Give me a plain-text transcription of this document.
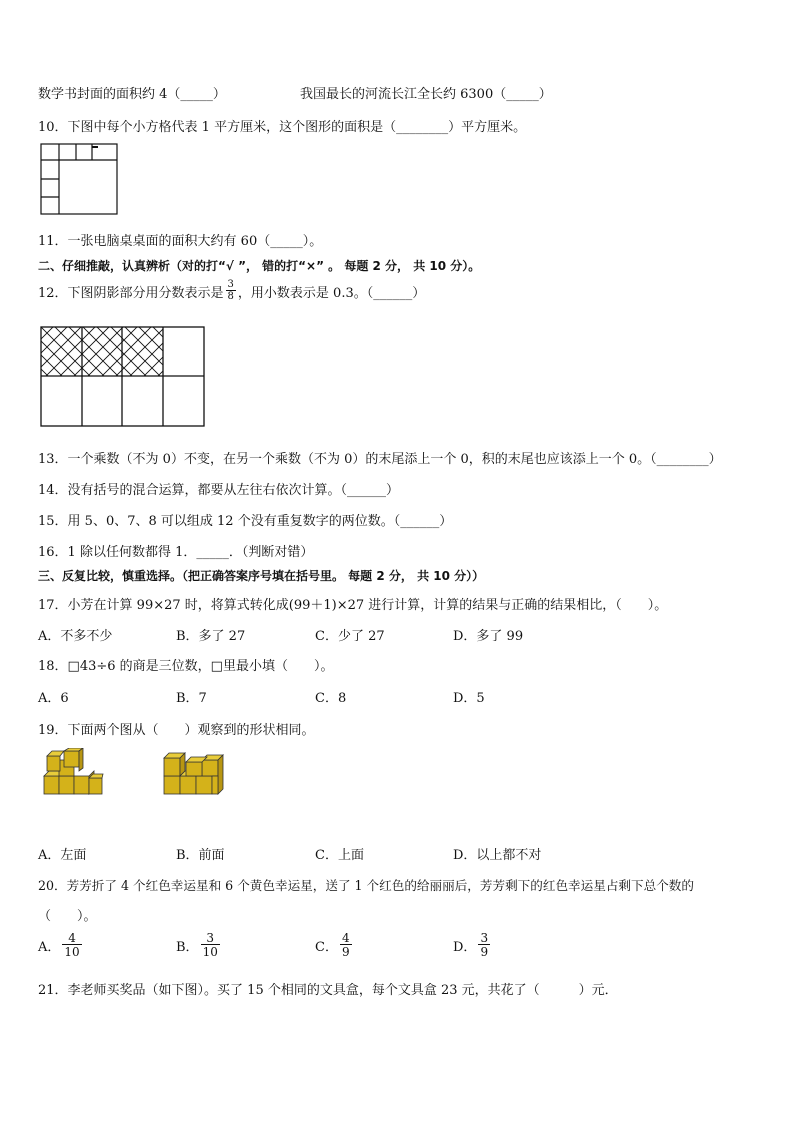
数学书封面的面积约 4（_____）	我国最长的河流长江全长约 6300（_____）
10．下图中每个小方格代表 1 平方厘米，这个图形的面积是（________）平方厘米。
11．一张电脑桌桌面的面积大约有 60（_____）。
二、仔细推敲，认真辨析（对的打“√ ”， 错的打“×” 。 每题 2 分， 共 10 分）。
12．下图阴影部分用分数表示是 $\frac{3}{8}$ ，用小数表示是 0.3。（______）
13．一个乘数（不为 0）不变，在另一个乘数（不为 0）的末尾添上一个 0，积的末尾也应该添上一个 0。（________）
14．没有括号的混合运算，都要从左往右依次计算。（______）
15．用 5、0、7、8 可以组成 12 个没有重复数字的两位数。（______）
16．1 除以任何数都得 1．_____．（判断对错）
三、反复比较，慎重选择。（把正确答案序号填在括号里。 每题 2 分， 共 10 分））
17．小芳在计算 99×27 时，将算式转化成(99＋1)×27 进行计算，计算的结果与正确的结果相比，（　　）。
A．不多不少	B．多了 27	C．少了 27	D．多了 99
18．□43÷6 的商是三位数，□里最小填（　　）。
A．6	B．7	C．8	D．5
19．下面两个图从（　　）观察到的形状相同。
A．左面	B．前面	C．上面	D．以上都不对
20．芳芳折了 4 个红色幸运星和 6 个黄色幸运星，送了 1 个红色的给丽丽后，芳芳剩下的红色幸运星占剩下总个数的
（　　）。
A． $\frac{4}{10}$	B． $\frac{3}{10}$	C． $\frac{4}{9}$	D． $\frac{3}{9}$
21．李老师买奖品（如下图）。买了 15 个相同的文具盒，每个文具盒 23 元，共花了（　　　）元．
